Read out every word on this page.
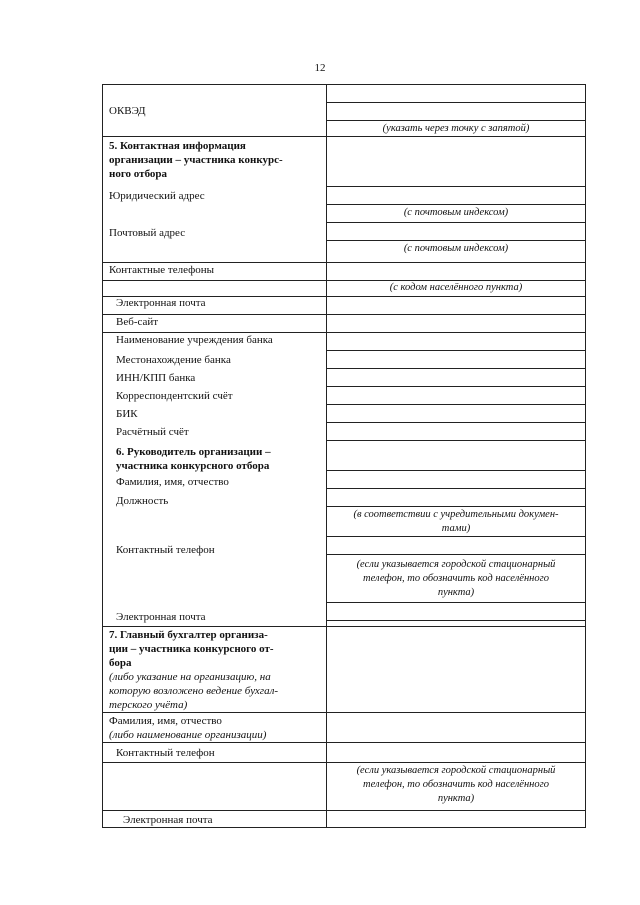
12
ОКВЭД
5. Контактная информация
организации – участника конкурс-
ного отбора
Юридический адрес
Почтовый адрес
Контактные телефоны
Электронная почта
Веб-сайт
Наименование учреждения банка
Местонахождение банка
ИНН/КПП банка
Корреспондентский счёт
БИК
Расчётный счёт
6. Руководитель организации –
участника конкурсного отбора
Фамилия, имя, отчество
Должность
Контактный телефон
Электронная почта
7. Главный бухгалтер организа-
ции – участника конкурсного от-
бора
(либо указание на организацию, на
которую возложено ведение бухгал-
терского учёта)
Фамилия, имя, отчество
(либо наименование организации)
Контактный телефон
Электронная почта
(указать через точку с запятой)
(с почтовым индексом)
(с почтовым индексом)
(с кодом населённого пункта)
(в соответствии с учредительными докумен-
тами)
(если указывается городской стационарный
телефон, то обозначить код населённого
пункта)
(если указывается городской стационарный
телефон, то обозначить код населённого
пункта)
